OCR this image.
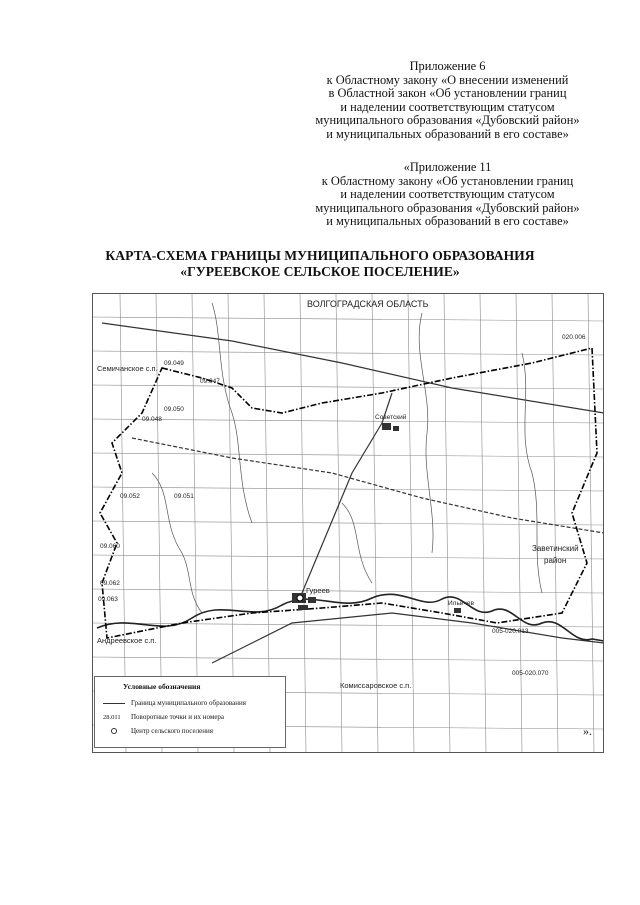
Приложение 6

к Областному закону «О внесении изменений

в Областной закон «Об установлении границ

и наделении соответствующим статусом

муниципального образования «Дубовский район»

и муниципальных образований в его составе»

«Приложение 11

к Областному закону «Об установлении границ

и наделении соответствующим статусом

муниципального образования «Дубовский район»

и муниципальных образований в его составе»

КАРТА-СХЕМА ГРАНИЦЫ МУНИЦИПАЛЬНОГО ОБРАЗОВАНИЯ
«ГУРЕЕВСКОЕ СЕЛЬСКОЕ ПОСЕЛЕНИЕ»
ВОЛГОГРАДСКАЯ ОБЛАСТЬ
Семичанское с.п.
Андреевское с.п.
Комиссаровское с.п.
Заветинский
район
Гуреев
Советский
Ильичев
09.049
09.047
09.050
09.048
09.052	09.051
09.060
09.062
09.063
020.006
005-020.013
005-020.070
Условные обозначения
Граница муниципального образования
28.011	Поворотные точки и их номера
Центр сельского поселения	».
